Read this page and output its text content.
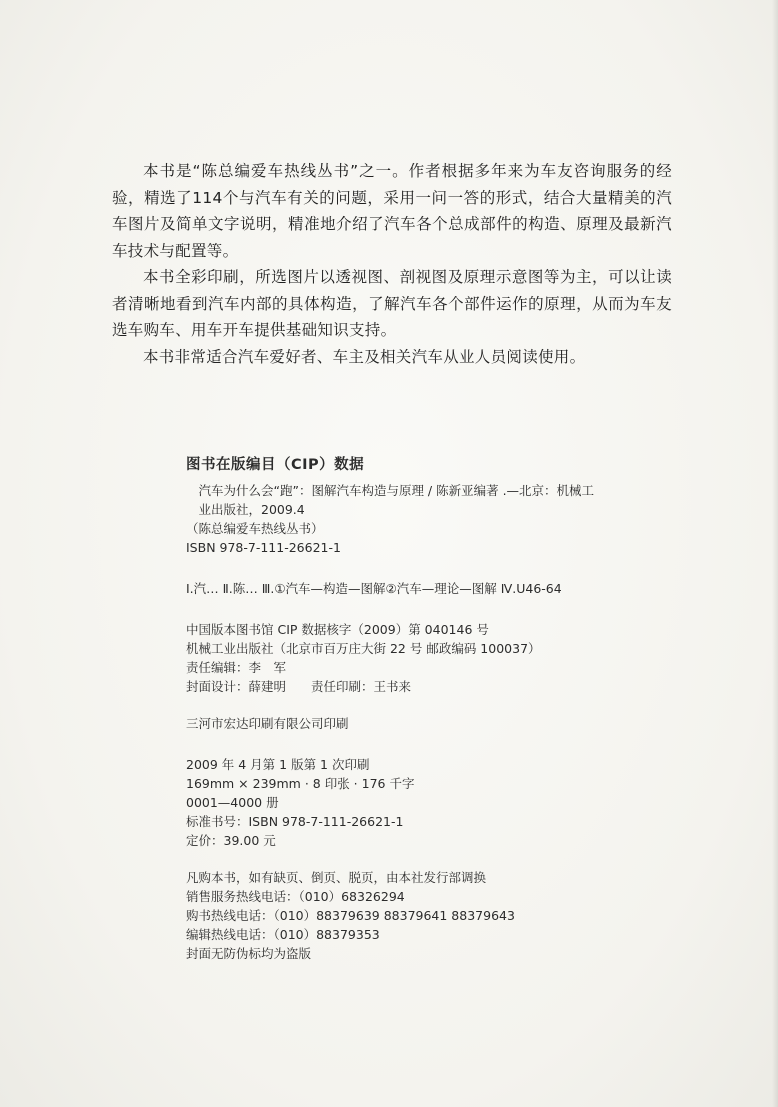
本书是“陈总编爱车热线丛书”之一。作者根据多年来为车友咨询服务的经验，精选了114个与汽车有关的问题，采用一问一答的形式，结合大量精美的汽车图片及简单文字说明，精准地介绍了汽车各个总成部件的构造、原理及最新汽车技术与配置等。

本书全彩印刷，所选图片以透视图、剖视图及原理示意图等为主，可以让读者清晰地看到汽车内部的具体构造，了解汽车各个部件运作的原理，从而为车友选车购车、用车开车提供基础知识支持。

本书非常适合汽车爱好者、车主及相关汽车从业人员阅读使用。

图书在版编目（CIP）数据
汽车为什么会“跑”：图解汽车构造与原理 / 陈新亚编著 .—北京：机械工
业出版社，2009.4
（陈总编爱车热线丛书）
ISBN 978-7-111-26621-1
Ⅰ.汽… Ⅱ.陈… Ⅲ.①汽车—构造—图解②汽车—理论—图解 Ⅳ.U46-64
中国版本图书馆 CIP 数据核字（2009）第 040146 号
机械工业出版社（北京市百万庄大街 22 号 邮政编码 100037）
责任编辑：李　军
封面设计：薛建明　　责任印刷：王书来
三河市宏达印刷有限公司印刷
2009 年 4 月第 1 版第 1 次印刷
169mm × 239mm · 8 印张 · 176 千字
0001—4000 册
标准书号：ISBN 978-7-111-26621-1
定价：39.00 元
凡购本书，如有缺页、倒页、脱页，由本社发行部调换
销售服务热线电话：（010）68326294
购书热线电话：（010）88379639 88379641 88379643
编辑热线电话：（010）88379353
封面无防伪标均为盗版
